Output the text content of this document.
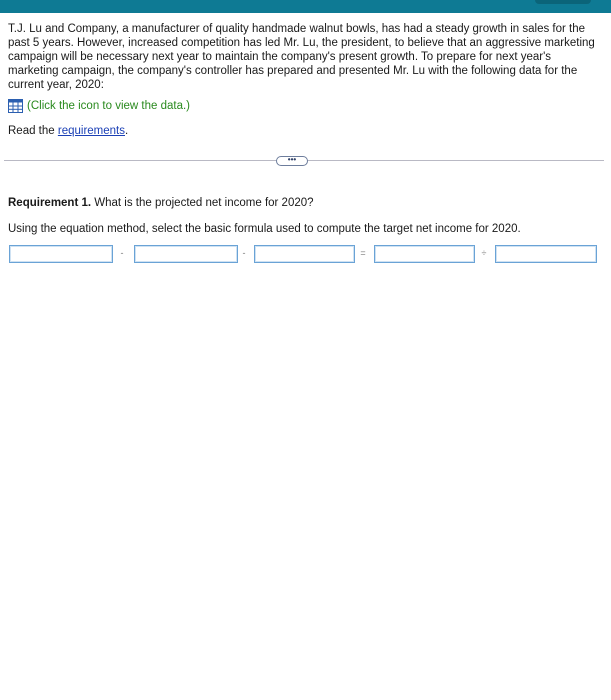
T.J. Lu and Company, a manufacturer of quality handmade walnut bowls, has had a steady growth in sales for the past 5 years. However, increased competition has led Mr. Lu, the president, to believe that an aggressive marketing campaign will be necessary next year to maintain the company's present growth. To prepare for next year's marketing campaign, the company's controller has prepared and presented Mr. Lu with the following data for the current year, 2020:

(Click the icon to view the data.)
Read the requirements.
•••
Requirement 1. What is the projected net income for 2020?
Using the equation method, select the basic formula used to compute the target net income for 2020.
-	-	=	÷
